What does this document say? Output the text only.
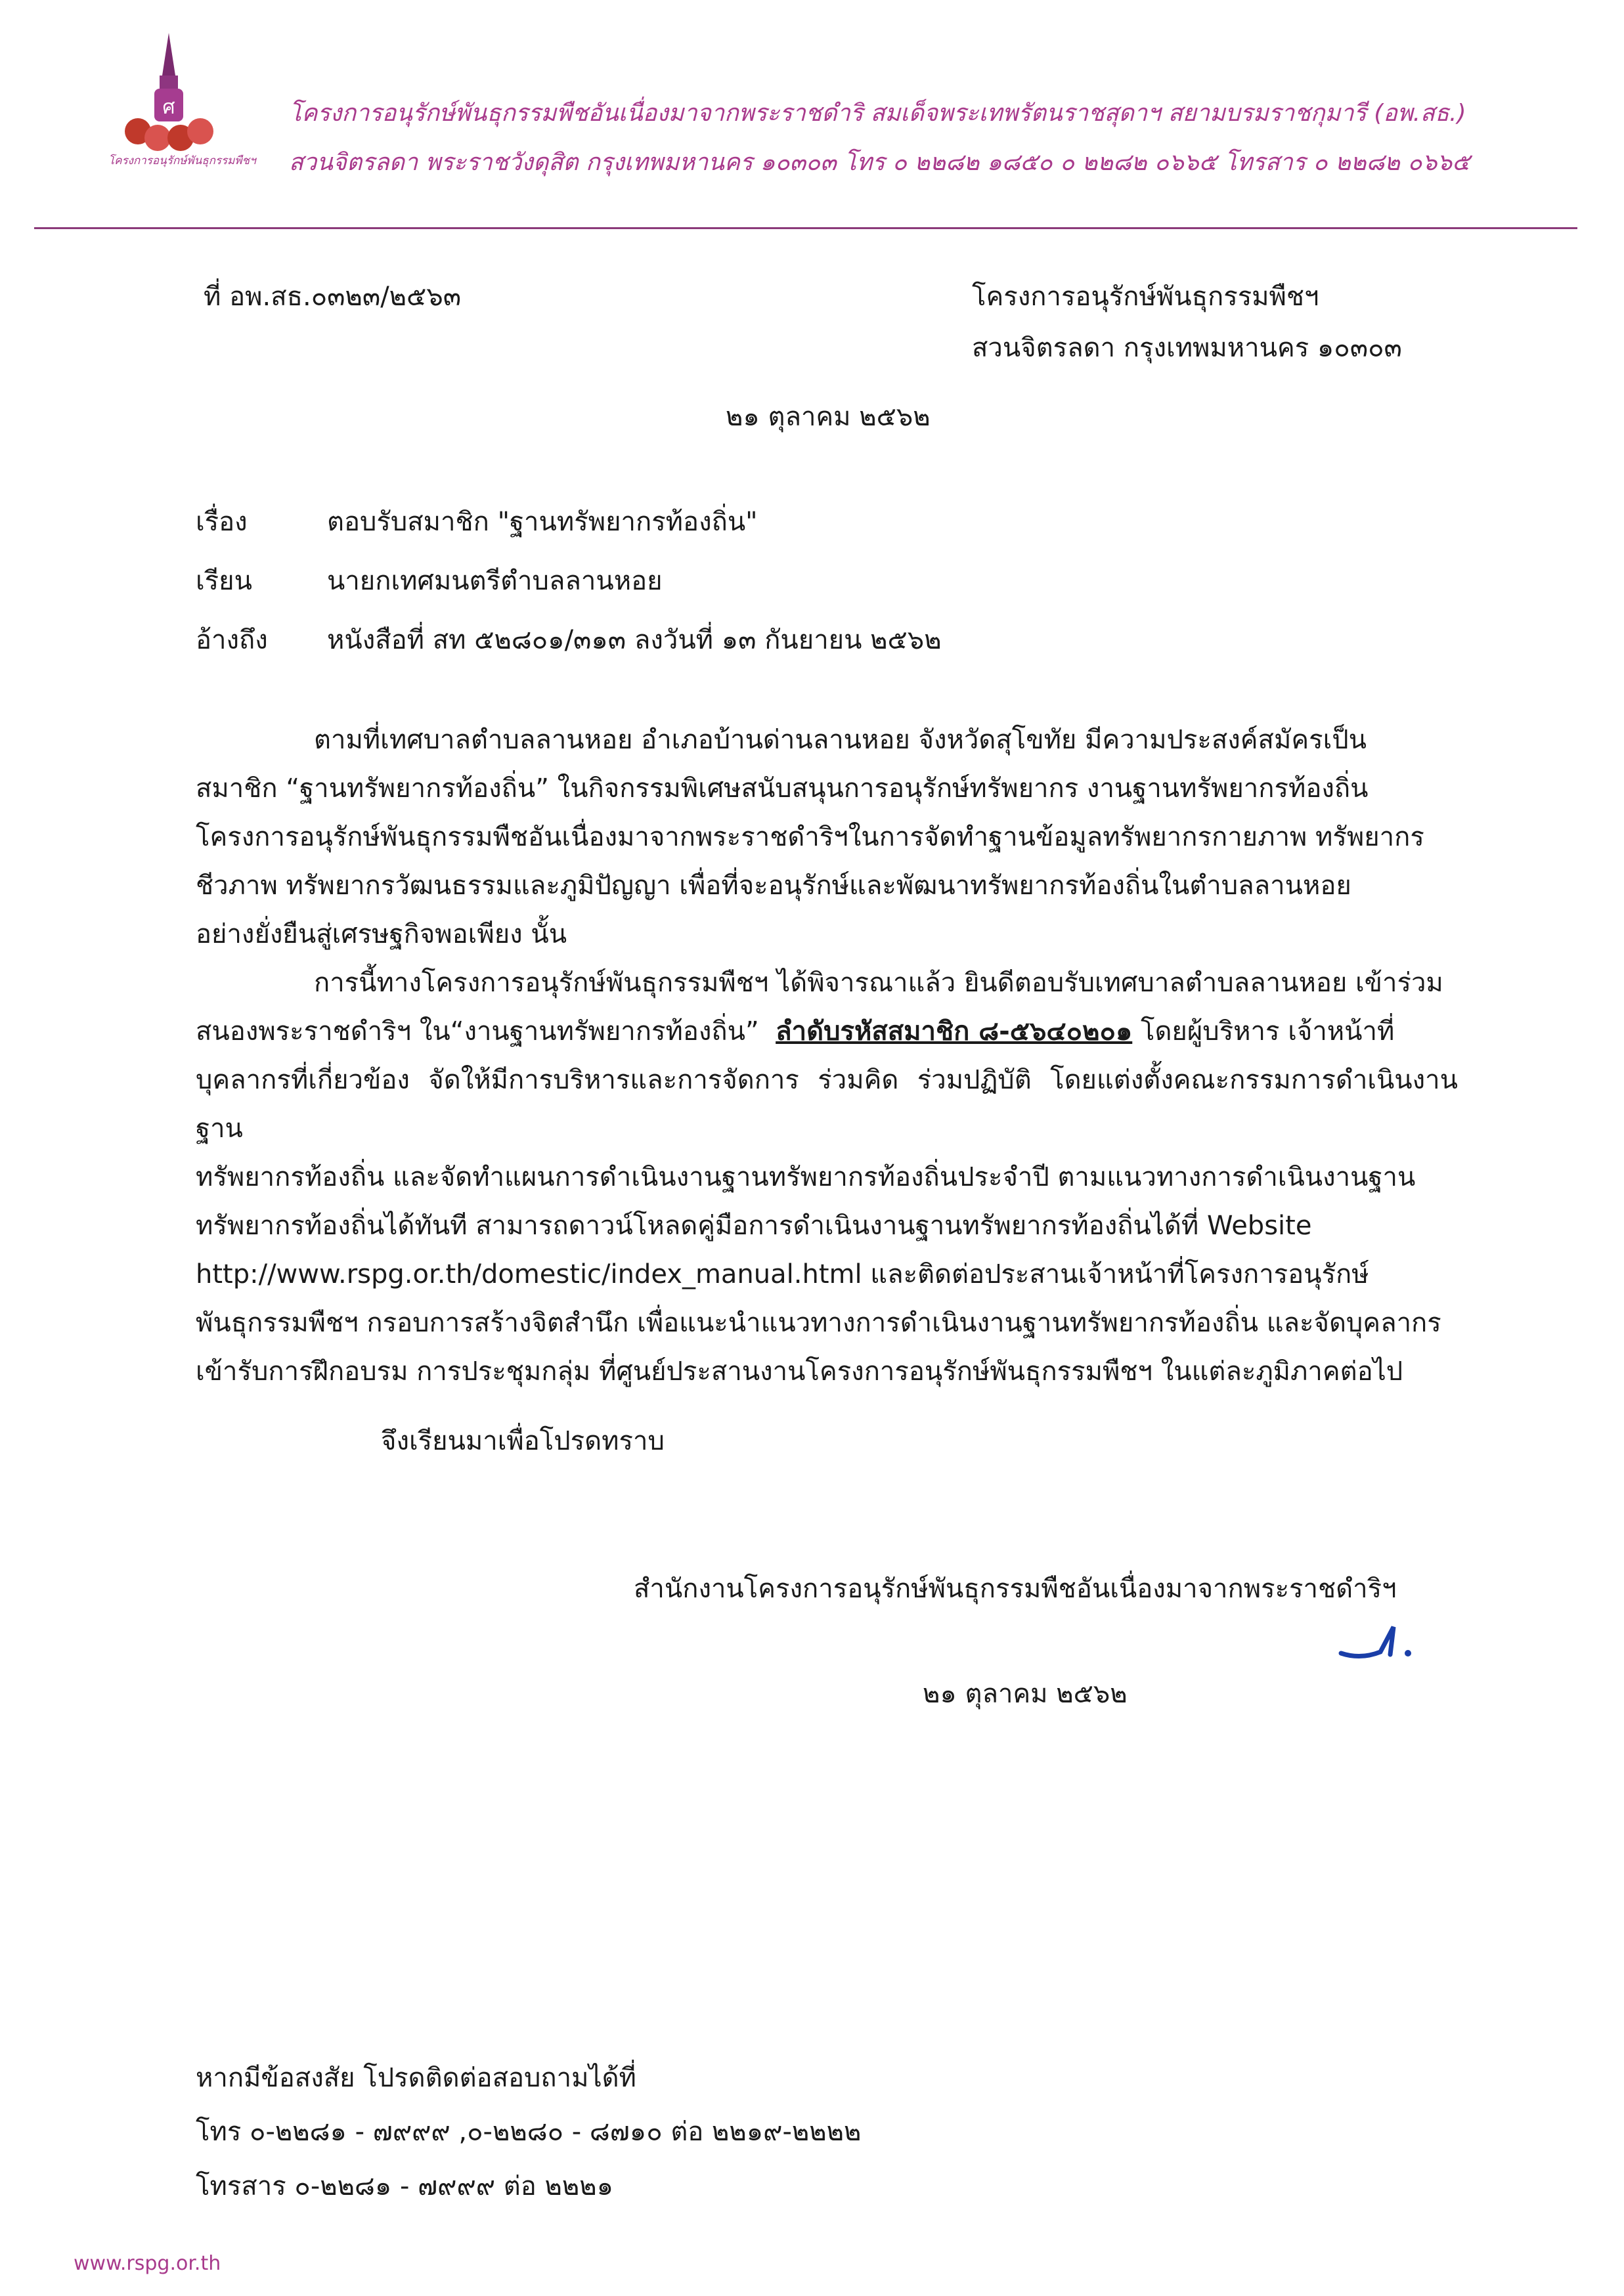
ศ
โครงการอนุรักษ์พันธุกรรมพืชฯ
โครงการอนุรักษ์พันธุกรรมพืชอันเนื่องมาจากพระราชดำริ สมเด็จพระเทพรัตนราชสุดาฯ สยามบรมราชกุมารี (อพ.สธ.)
สวนจิตรลดา พระราชวังดุสิต กรุงเทพมหานคร ๑๐๓๐๓ โทร ๐ ๒๒๘๒ ๑๘๕๐ ๐ ๒๒๘๒ ๐๖๖๕ โทรสาร ๐ ๒๒๘๒ ๐๖๖๕
ที่ อพ.สธ.๐๓๒๓/๒๕๖๓	โครงการอนุรักษ์พันธุกรรมพืชฯ
สวนจิตรลดา กรุงเทพมหานคร ๑๐๓๐๓
๒๑ ตุลาคม ๒๕๖๒
เรื่อง	ตอบรับสมาชิก "ฐานทรัพยากรท้องถิ่น"
เรียน	นายกเทศมนตรีตำบลลานหอย
อ้างถึง หนังสือที่ สท ๕๒๘๐๑/๓๑๓ ลงวันที่ ๑๓ กันยายน ๒๕๖๒
ตามที่เทศบาลตำบลลานหอย อำเภอบ้านด่านลานหอย จังหวัดสุโขทัย มีความประสงค์สมัครเป็น
สมาชิก “ฐานทรัพยากรท้องถิ่น” ในกิจกรรมพิเศษสนับสนุนการอนุรักษ์ทรัพยากร งานฐานทรัพยากรท้องถิ่น
โครงการอนุรักษ์พันธุกรรมพืชอันเนื่องมาจากพระราชดำริฯในการจัดทำฐานข้อมูลทรัพยากรกายภาพ ทรัพยากร
ชีวภาพ ทรัพยากรวัฒนธรรมและภูมิปัญญา เพื่อที่จะอนุรักษ์และพัฒนาทรัพยากรท้องถิ่นในตำบลลานหอย
อย่างยั่งยืนสู่เศรษฐกิจพอเพียง นั้น
การนี้ทางโครงการอนุรักษ์พันธุกรรมพืชฯ ได้พิจารณาแล้ว ยินดีตอบรับเทศบาลตำบลลานหอย เข้าร่วม
สนองพระราชดำริฯ ใน“งานฐานทรัพยากรท้องถิ่น” ลำดับรหัสสมาชิก ๘-๕๖๔๐๒๐๑ โดยผู้บริหาร เจ้าหน้าที่
บุคลากรที่เกี่ยวข้อง จัดให้มีการบริหารและการจัดการ ร่วมคิด ร่วมปฏิบัติ โดยแต่งตั้งคณะกรรมการดำเนินงานฐาน
ทรัพยากรท้องถิ่น และจัดทำแผนการดำเนินงานฐานทรัพยากรท้องถิ่นประจำปี ตามแนวทางการดำเนินงานฐาน
ทรัพยากรท้องถิ่นได้ทันที สามารถดาวน์โหลดคู่มือการดำเนินงานฐานทรัพยากรท้องถิ่นได้ที่ Website
http://www.rspg.or.th/domestic/index_manual.html และติดต่อประสานเจ้าหน้าที่โครงการอนุรักษ์
พันธุกรรมพืชฯ กรอบการสร้างจิตสำนึก เพื่อแนะนำแนวทางการดำเนินงานฐานทรัพยากรท้องถิ่น และจัดบุคลากร
เข้ารับการฝึกอบรม การประชุมกลุ่ม ที่ศูนย์ประสานงานโครงการอนุรักษ์พันธุกรรมพืชฯ ในแต่ละภูมิภาคต่อไป
จึงเรียนมาเพื่อโปรดทราบ
สำนักงานโครงการอนุรักษ์พันธุกรรมพืชอันเนื่องมาจากพระราชดำริฯ
๒๑ ตุลาคม ๒๕๖๒
หากมีข้อสงสัย โปรดติดต่อสอบถามได้ที่
โทร ๐-๒๒๘๑ - ๗๙๙๙ ,๐-๒๒๘๐ - ๘๗๑๐ ต่อ ๒๒๑๙-๒๒๒๒
โทรสาร ๐-๒๒๘๑ - ๗๙๙๙ ต่อ ๒๒๒๑
www.rspg.or.th
